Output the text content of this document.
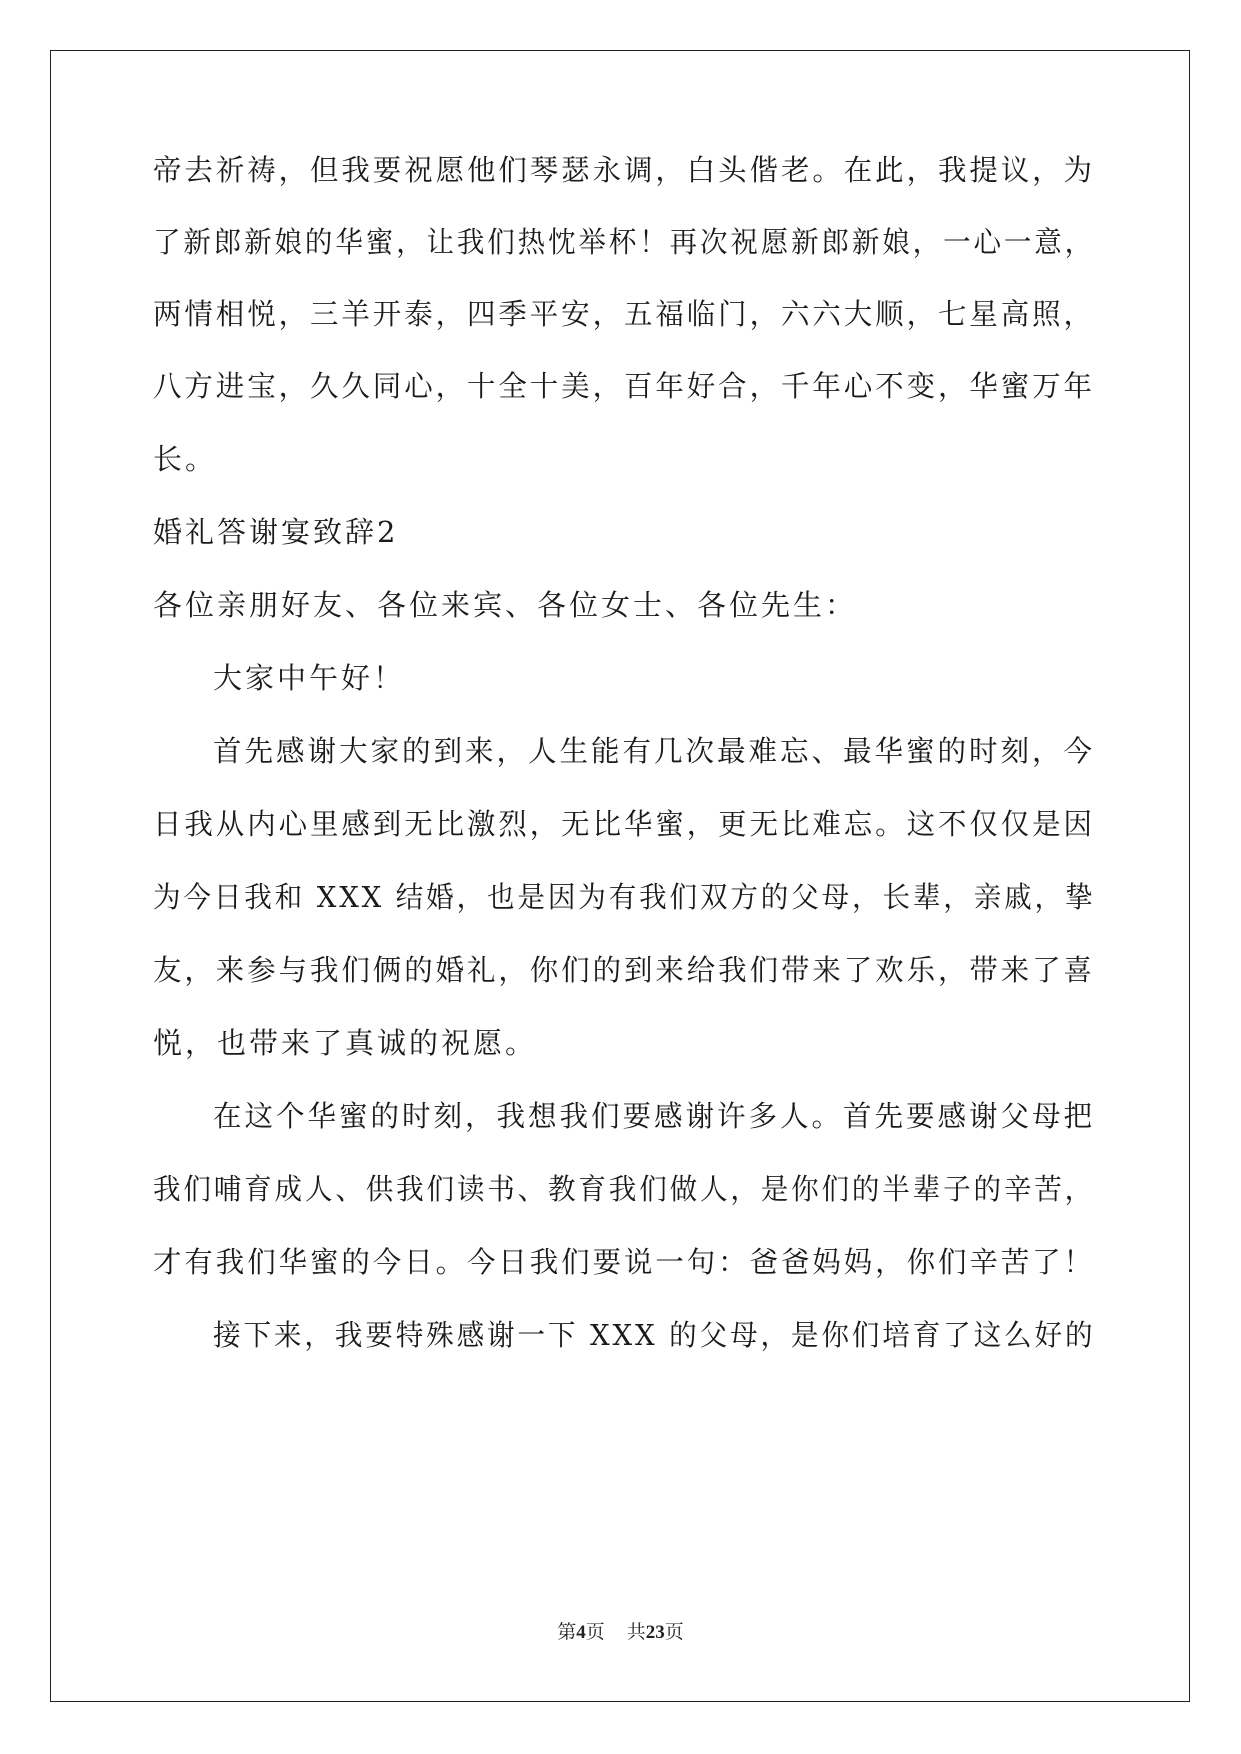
帝去祈祷，但我要祝愿他们琴瑟永调，白头偕老。在此，我提议，为

了新郎新娘的华蜜，让我们热忱举杯！再次祝愿新郎新娘，一心一意，

两情相悦，三羊开泰，四季平安，五福临门，六六大顺，七星高照，

八方进宝，久久同心，十全十美，百年好合，千年心不变，华蜜万年

长。

婚礼答谢宴致辞2

各位亲朋好友、各位来宾、各位女士、各位先生：

大家中午好！

首先感谢大家的到来，人生能有几次最难忘、最华蜜的时刻，今

日我从内心里感到无比激烈，无比华蜜，更无比难忘。这不仅仅是因

为今日我和 XXX 结婚，也是因为有我们双方的父母，长辈，亲戚，挚

友，来参与我们俩的婚礼，你们的到来给我们带来了欢乐，带来了喜

悦，也带来了真诚的祝愿。

在这个华蜜的时刻，我想我们要感谢许多人。首先要感谢父母把

我们哺育成人、供我们读书、教育我们做人，是你们的半辈子的辛苦，

才有我们华蜜的今日。今日我们要说一句：爸爸妈妈，你们辛苦了！

接下来，我要特殊感谢一下 XXX 的父母，是你们培育了这么好的

第4页 共23页
